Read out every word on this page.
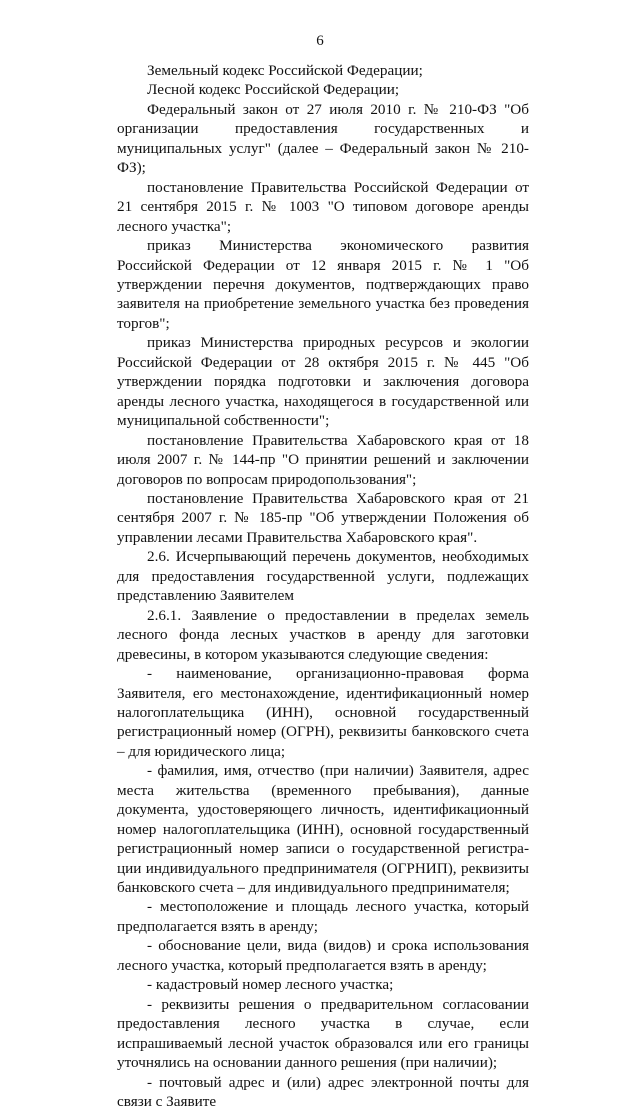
6

Земельный кодекс Российской Федерации;

Лесной кодекс Российской Федерации;

Федеральный закон от 27 июля 2010 г. № 210-ФЗ "Об организации предоставления государственных и муниципальных услуг" (далее – Федеральный закон № 210-ФЗ);

постановление Правительства Российской Федерации от 21 сентября 2015 г. № 1003 "О типовом договоре аренды лесного участка";

приказ Министерства экономического развития Российской Федерации от 12 января 2015 г. № 1 "Об утверждении перечня документов, подтверждающих право заявителя на приобретение земельного участка без проведения торгов";

приказ Министерства природных ресурсов и экологии Российской Федерации от 28 октября 2015 г. № 445 "Об утверждении порядка подготовки и заключения договора аренды лесного участка, находящегося в государственной или муниципальной собственности";

постановление Правительства Хабаровского края от 18 июля 2007 г. № 144-пр "О принятии решений и заключении договоров по вопросам природопользования";

постановление Правительства Хабаровского края от 21 сентября 2007 г. № 185-пр "Об утверждении Положения об управлении лесами Правительства Хабаровского края".

2.6. Исчерпывающий перечень документов, необходимых для предоставления государственной услуги, подлежащих представлению Заявителем

2.6.1. Заявление о предоставлении в пределах земель лесного фонда лесных участков в аренду для заготовки древесины, в котором указываются следующие сведения:

- наименование, организационно-правовая форма Заявителя, его местонахождение, идентификационный номер налогоплательщика (ИНН), основной государственный регистрационный номер (ОГРН), реквизиты банковского счета – для юридического лица;

- фамилия, имя, отчество (при наличии) Заявителя, адрес места жительства (временного пребывания), данные документа, удостоверяющего личность, идентификационный номер налогоплательщика (ИНН), основной государственный регистрационный номер записи о государственной регистрации индивидуального предпринимателя (ОГРНИП), реквизиты банковского счета – для индивидуального предпринимателя;

- местоположение и площадь лесного участка, который предполагается взять в аренду;

- обоснование цели, вида (видов) и срока использования лесного участка, который предполагается взять в аренду;

- кадастровый номер лесного участка;

- реквизиты решения о предварительном согласовании предоставления лесного участка в случае, если испрашиваемый лесной участок образовался или его границы уточнялись на основании данного решения (при наличии);

- почтовый адрес и (или) адрес электронной почты для связи с Заявите
